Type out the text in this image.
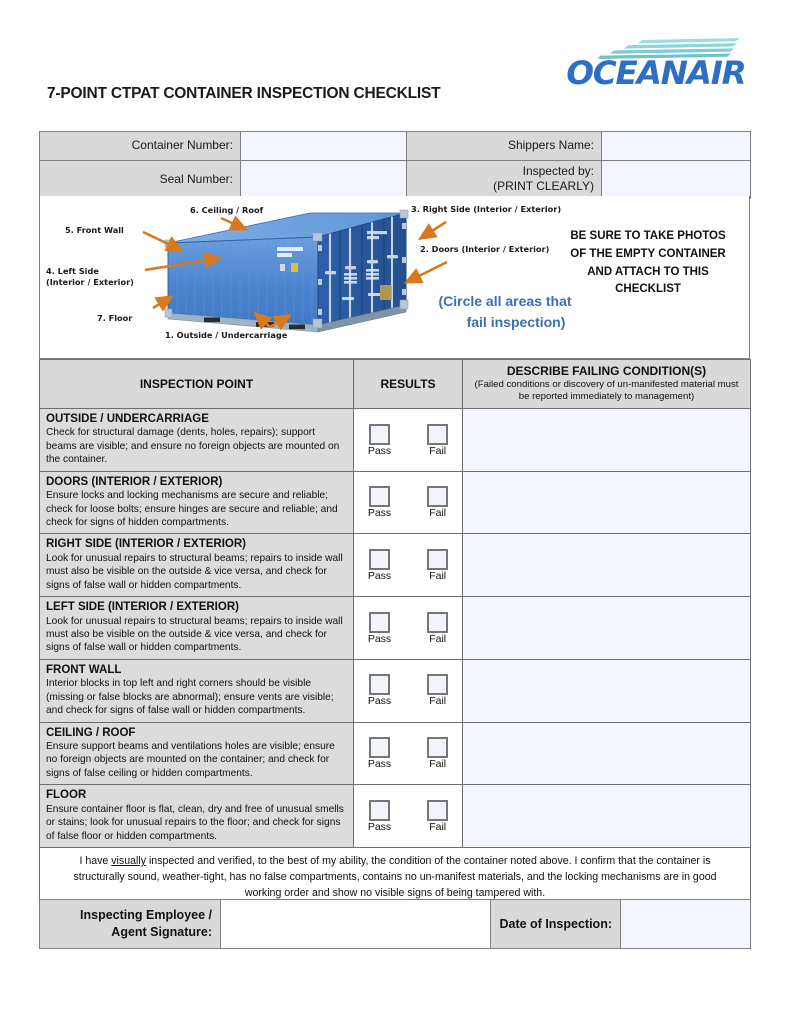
OCEANAIR
7-POINT CTPAT CONTAINER INSPECTION CHECKLIST
Container Number:		Shippers Name:	
Seal Number:		Inspected by:
(PRINT CLEARLY)	
6. Ceiling / Roof
5. Front Wall
4. Left Side
(Interior / Exterior)
7. Floor
1. Outside / Undercarriage
3. Right Side (Interior / Exterior)
2. Doors (Interior / Exterior)
(Circle all areas that
fail inspection)
BE SURE TO TAKE PHOTOS OF THE EMPTY CONTAINER AND ATTACH TO THIS CHECKLIST
INSPECTION POINT	RESULTS	DESCRIBE FAILING CONDITION(S)
(Failed conditions or discovery of un-manifested material must be reported immediately to management)

OUTSIDE / UNDERCARRIAGE
Check for structural damage (dents, holes, repairs); support beams are visible; and ensure no foreign objects are mounted on the container.

Pass	Fail

DOORS (INTERIOR / EXTERIOR)
Ensure locks and locking mechanisms are secure and reliable; check for loose bolts; ensure hinges are secure and reliable; and check for signs of hidden compartments.

Pass	Fail

RIGHT SIDE (INTERIOR / EXTERIOR)
Look for unusual repairs to structural beams; repairs to inside wall must also be visible on the outside & vice versa, and check for signs of false wall or hidden compartments.

Pass	Fail

LEFT SIDE (INTERIOR / EXTERIOR)
Look for unusual repairs to structural beams; repairs to inside wall must also be visible on the outside & vice versa, and check for signs of false wall or hidden compartments.

Pass	Fail

FRONT WALL
Interior blocks in top left and right corners should be visible (missing or false blocks are abnormal); ensure vents are visible; and check for signs of false wall or hidden compartments.

Pass	Fail

CEILING / ROOF
Ensure support beams and ventilations holes are visible; ensure no foreign objects are mounted on the container; and check for signs of false ceiling or hidden compartments.

Pass	Fail

FLOOR
Ensure container floor is flat, clean, dry and free of unusual smells or stains; look for unusual repairs to the floor; and check for signs of false floor or hidden compartments.

Pass	Fail

I have visually inspected and verified, to the best of my ability, the condition of the container noted above. I confirm that the container is structurally sound, weather-tight, has no false compartments, contains no un-manifest materials, and the locking mechanisms are in good working order and show no visible signs of being tampered with.		
Inspecting Employee /
Agent Signature:		Date of Inspection:	
